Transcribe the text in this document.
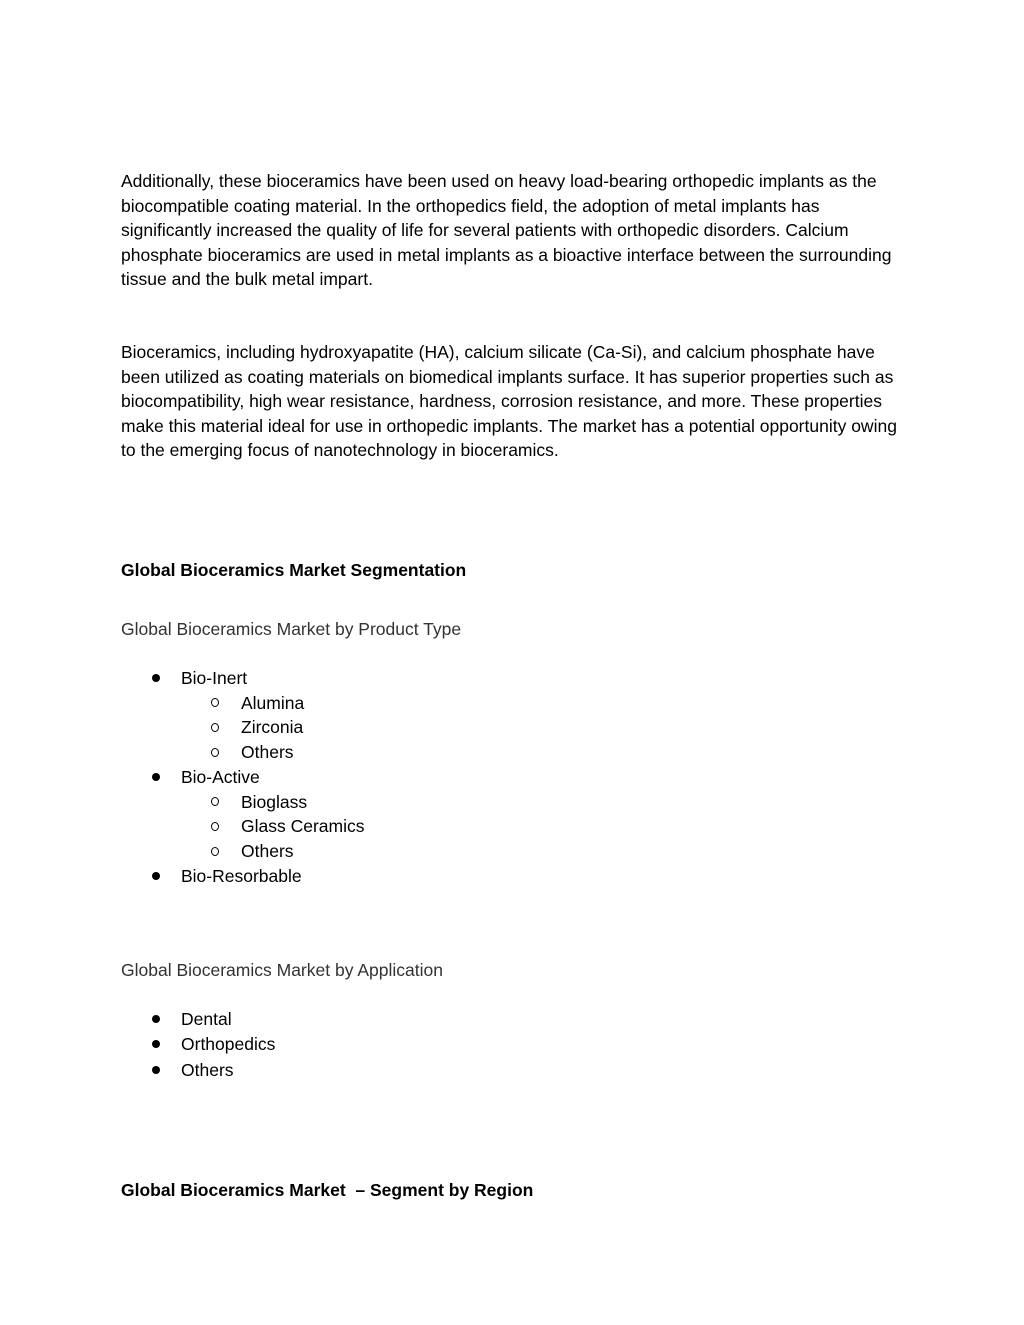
Additionally, these bioceramics have been used on heavy load-bearing orthopedic implants as the biocompatible coating material. In the orthopedics field, the adoption of metal implants has significantly increased the quality of life for several patients with orthopedic disorders. Calcium phosphate bioceramics are used in metal implants as a bioactive interface between the surrounding tissue and the bulk metal impart.

Bioceramics, including hydroxyapatite (HA), calcium silicate (Ca-Si), and calcium phosphate have been utilized as coating materials on biomedical implants surface. It has superior properties such as biocompatibility, high wear resistance, hardness, corrosion resistance, and more. These properties make this material ideal for use in orthopedic implants. The market has a potential opportunity owing to the emerging focus of nanotechnology in bioceramics.

Global Bioceramics Market Segmentation

Global Bioceramics Market by Product Type

Bio-Inert
Alumina
Zirconia
Others
Bio-Active
Bioglass
Glass Ceramics
Others
Bio-Resorbable

Global Bioceramics Market by Application

Dental
Orthopedics
Others

Global Bioceramics Market  – Segment by Region
